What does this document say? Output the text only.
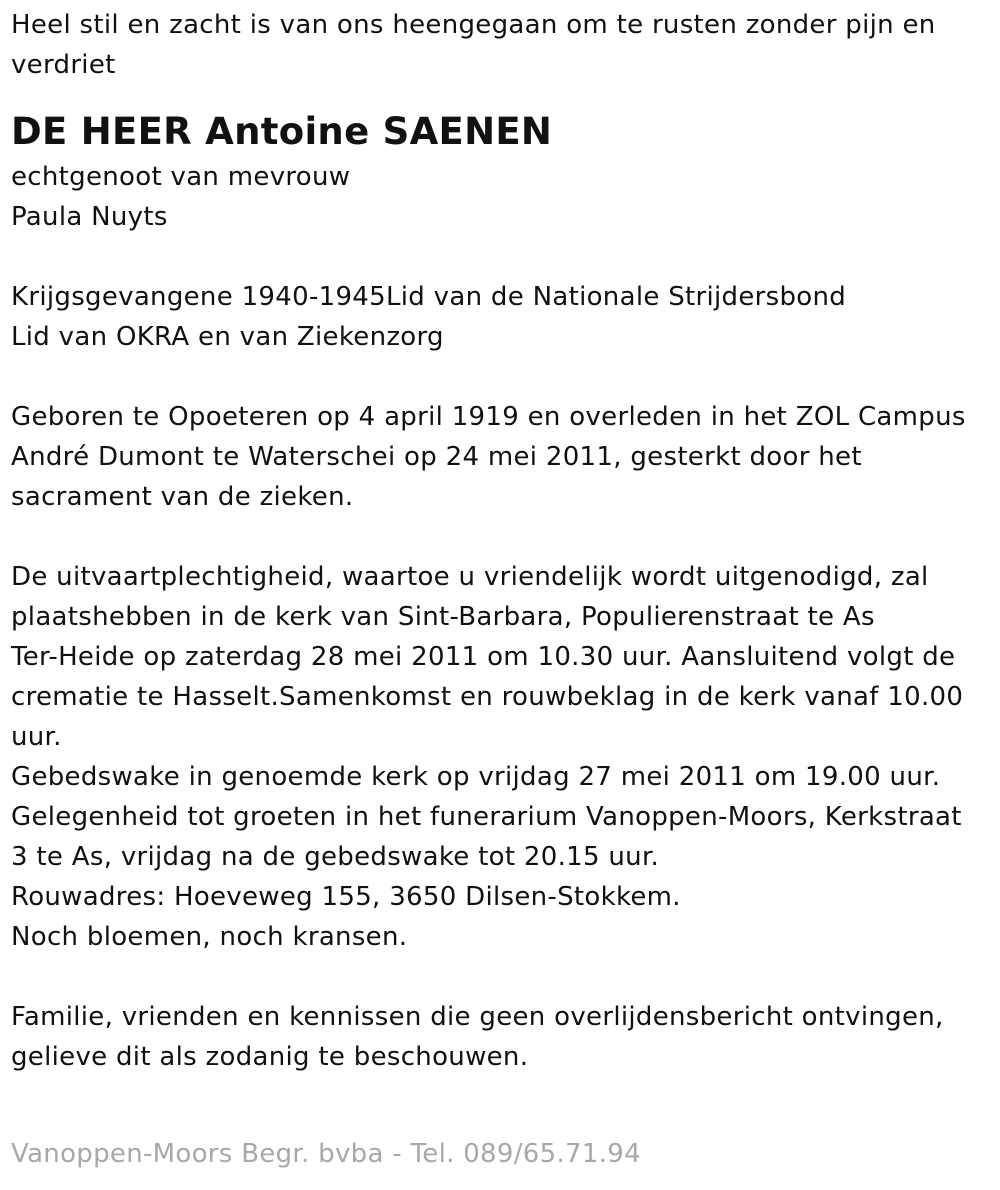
Heel stil en zacht is van ons heengegaan om te rusten zonder pijn en
verdriet
DE HEER Antoine SAENEN
echtgenoot van mevrouw
Paula Nuyts
Krijgsgevangene 1940-1945Lid van de Nationale Strijdersbond
Lid van OKRA en van Ziekenzorg
Geboren te Opoeteren op 4 april 1919 en overleden in het ZOL Campus
André Dumont te Waterschei op 24 mei 2011, gesterkt door het
sacrament van de zieken.
De uitvaartplechtigheid, waartoe u vriendelijk wordt uitgenodigd, zal
plaatshebben in de kerk van Sint-Barbara, Populierenstraat te As
Ter-Heide op zaterdag 28 mei 2011 om 10.30 uur. Aansluitend volgt de
crematie te Hasselt.Samenkomst en rouwbeklag in de kerk vanaf 10.00
uur.
Gebedswake in genoemde kerk op vrijdag 27 mei 2011 om 19.00 uur.
Gelegenheid tot groeten in het funerarium Vanoppen-Moors, Kerkstraat
3 te As, vrijdag na de gebedswake tot 20.15 uur.
Rouwadres: Hoeveweg 155, 3650 Dilsen-Stokkem.
Noch bloemen, noch kransen.
Familie, vrienden en kennissen die geen overlijdensbericht ontvingen,
gelieve dit als zodanig te beschouwen.
Vanoppen-Moors Begr. bvba - Tel. 089/65.71.94
